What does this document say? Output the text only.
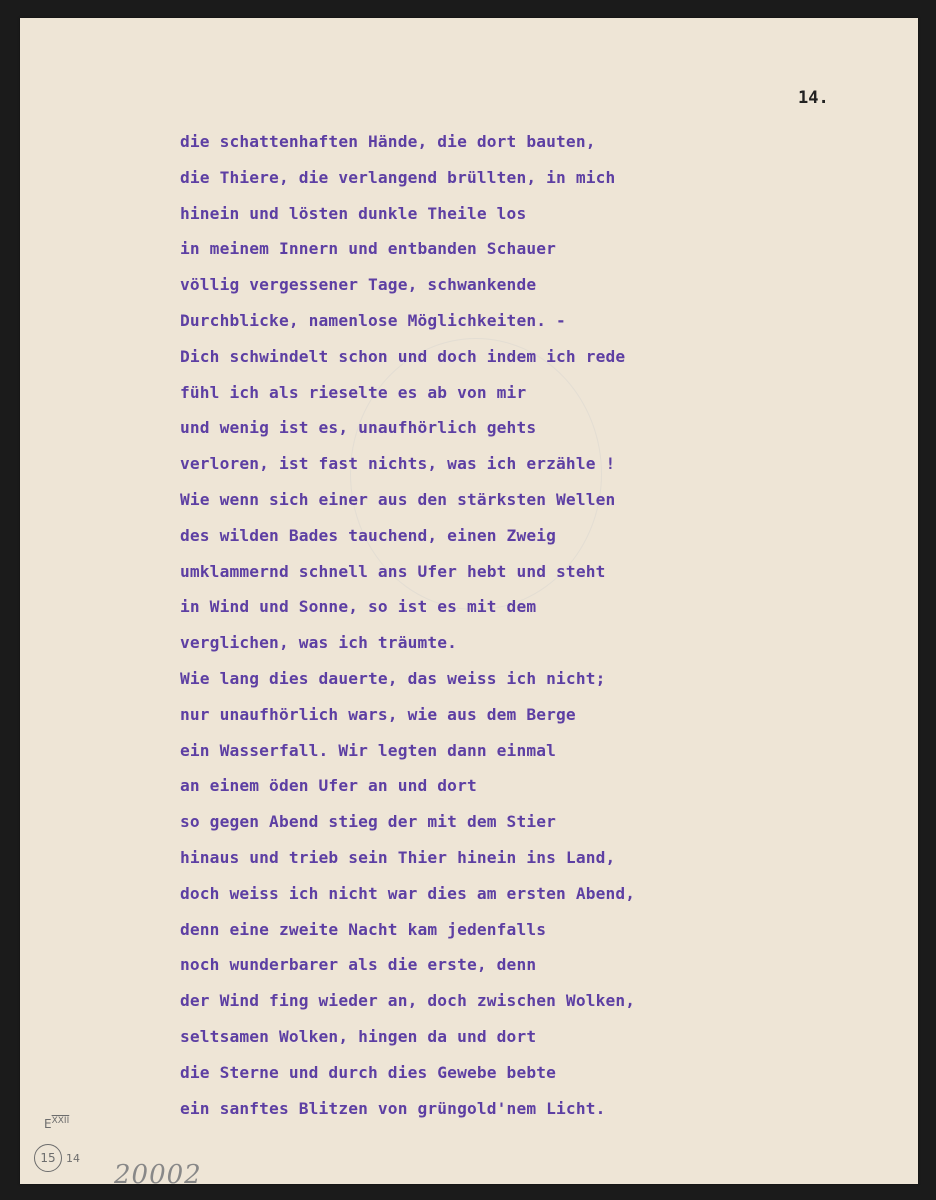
14.
die schattenhaften Hände, die dort bauten,
die Thiere, die verlangend brüllten, in mich
hinein und lösten dunkle Theile los
in meinem Innern und entbanden Schauer
völlig vergessener Tage, schwankende
Durchblicke, namenlose Möglichkeiten. -
Dich schwindelt schon und doch indem ich rede
fühl ich als rieselte es ab von mir
und wenig ist es, unaufhörlich gehts
verloren, ist fast nichts, was ich erzähle !
Wie wenn sich einer aus den stärksten Wellen
des wilden Bades tauchend, einen Zweig
umklammernd schnell ans Ufer hebt und steht
in Wind und Sonne, so ist es mit dem
verglichen, was ich träumte.
Wie lang dies dauerte, das weiss ich nicht;
nur unaufhörlich wars, wie aus dem Berge
ein Wasserfall. Wir legten dann einmal
an einem öden Ufer an und dort
so gegen Abend stieg der mit dem Stier
hinaus und trieb sein Thier hinein ins Land,
doch weiss ich nicht war dies am ersten Abend,
denn eine zweite Nacht kam jedenfalls
noch wunderbarer als die erste, denn
der Wind fing wieder an, doch zwischen Wolken,
seltsamen Wolken, hingen da und dort
die Sterne und durch dies Gewebe bebte
ein sanftes Blitzen von grüngold'nem Licht.
$E^{XXII}$
15 14
20002
